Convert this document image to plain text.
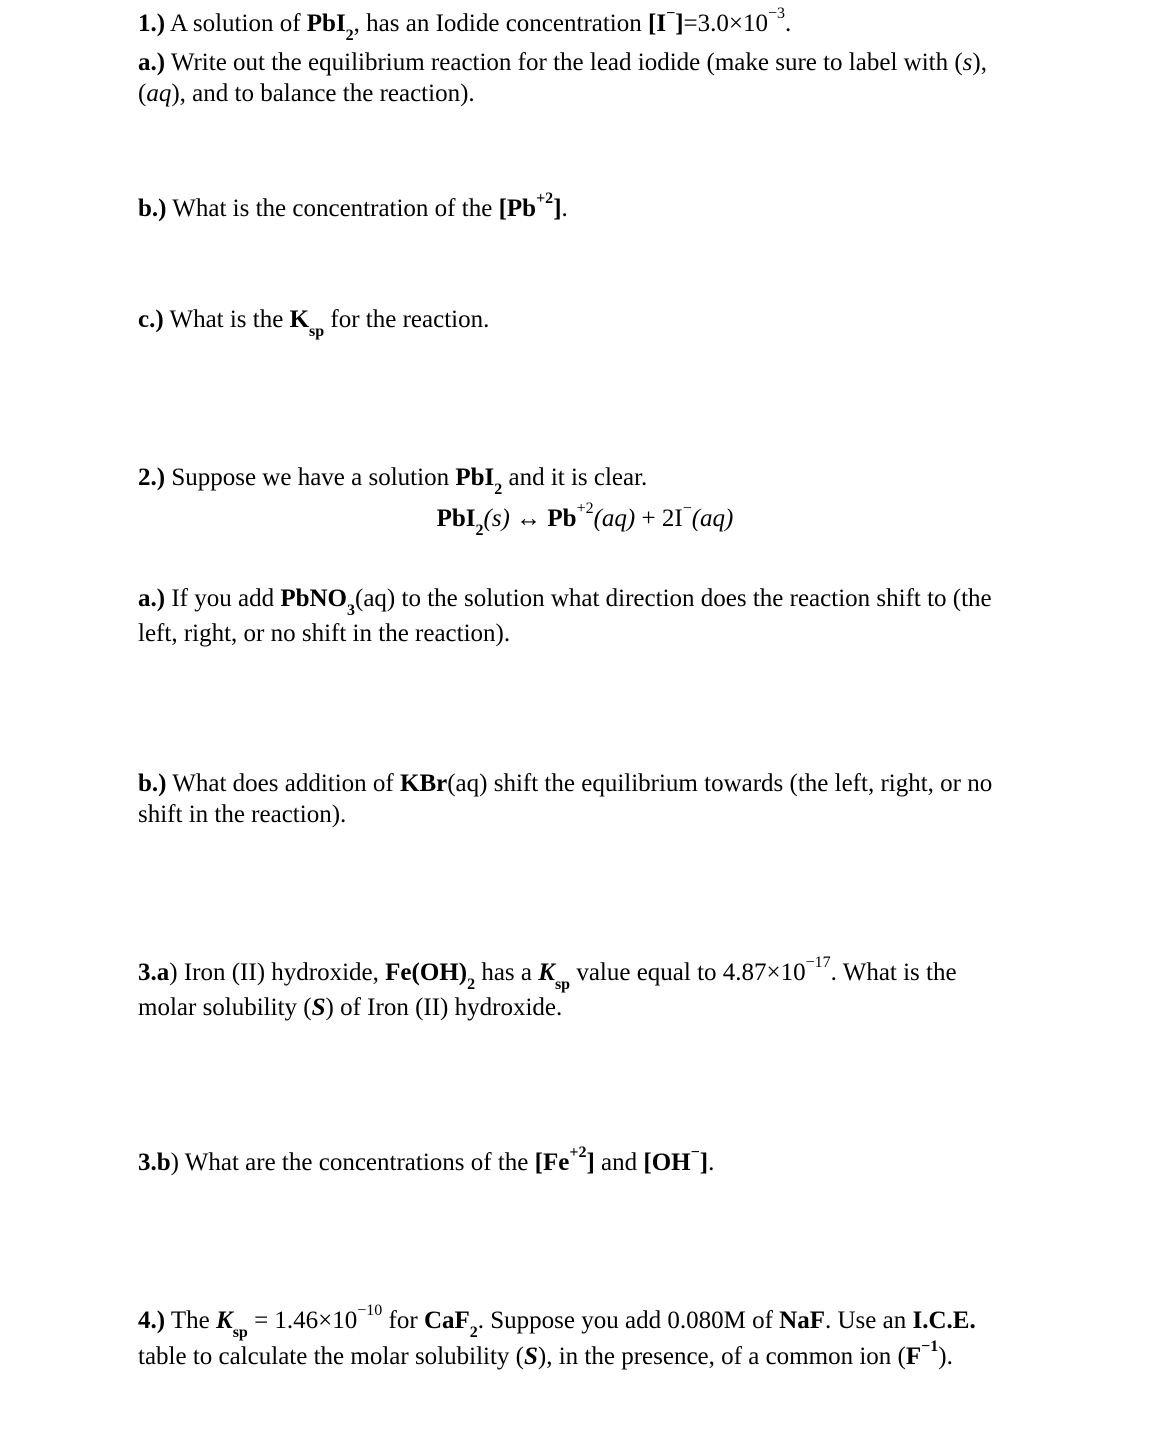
1.) A solution of PbI$_2$, has an Iodide concentration $[I^-]=3.0\times 10^{-3}$.
a.) Write out the equilibrium reaction for the lead iodide (make sure to label with (s),
(aq), and to balance the reaction).
b.) What is the concentration of the $[Pb^{+2}]$.
c.) What is the $K_{sp}$ for the reaction.
2.) Suppose we have a solution PbI$_2$ and it is clear.
PbI$_2$(s) ↔ $Pb^{+2}(aq) + 2I^-(aq)$
a.) If you add PbNO$_3$(aq) to the solution what direction does the reaction shift to (the
left, right, or no shift in the reaction).
b.) What does addition of KBr(aq) shift the equilibrium towards (the left, right, or no
shift in the reaction).
3.a) Iron (II) hydroxide, $Fe(OH)_2$ has a $K_{sp}$ value equal to $4.87\times 10^{-17}$. What is the
molar solubility (S) of Iron (II) hydroxide.
3.b) What are the concentrations of the $[Fe^{+2}]$ and [OH−].
4.) The $K_{sp} = 1.46\times 10^{-10}$ for CaF$_2$. Suppose you add 0.080M of NaF. Use an I.C.E.
table to calculate the molar solubility (S), in the presence, of a common ion $(F^{-1})$.
